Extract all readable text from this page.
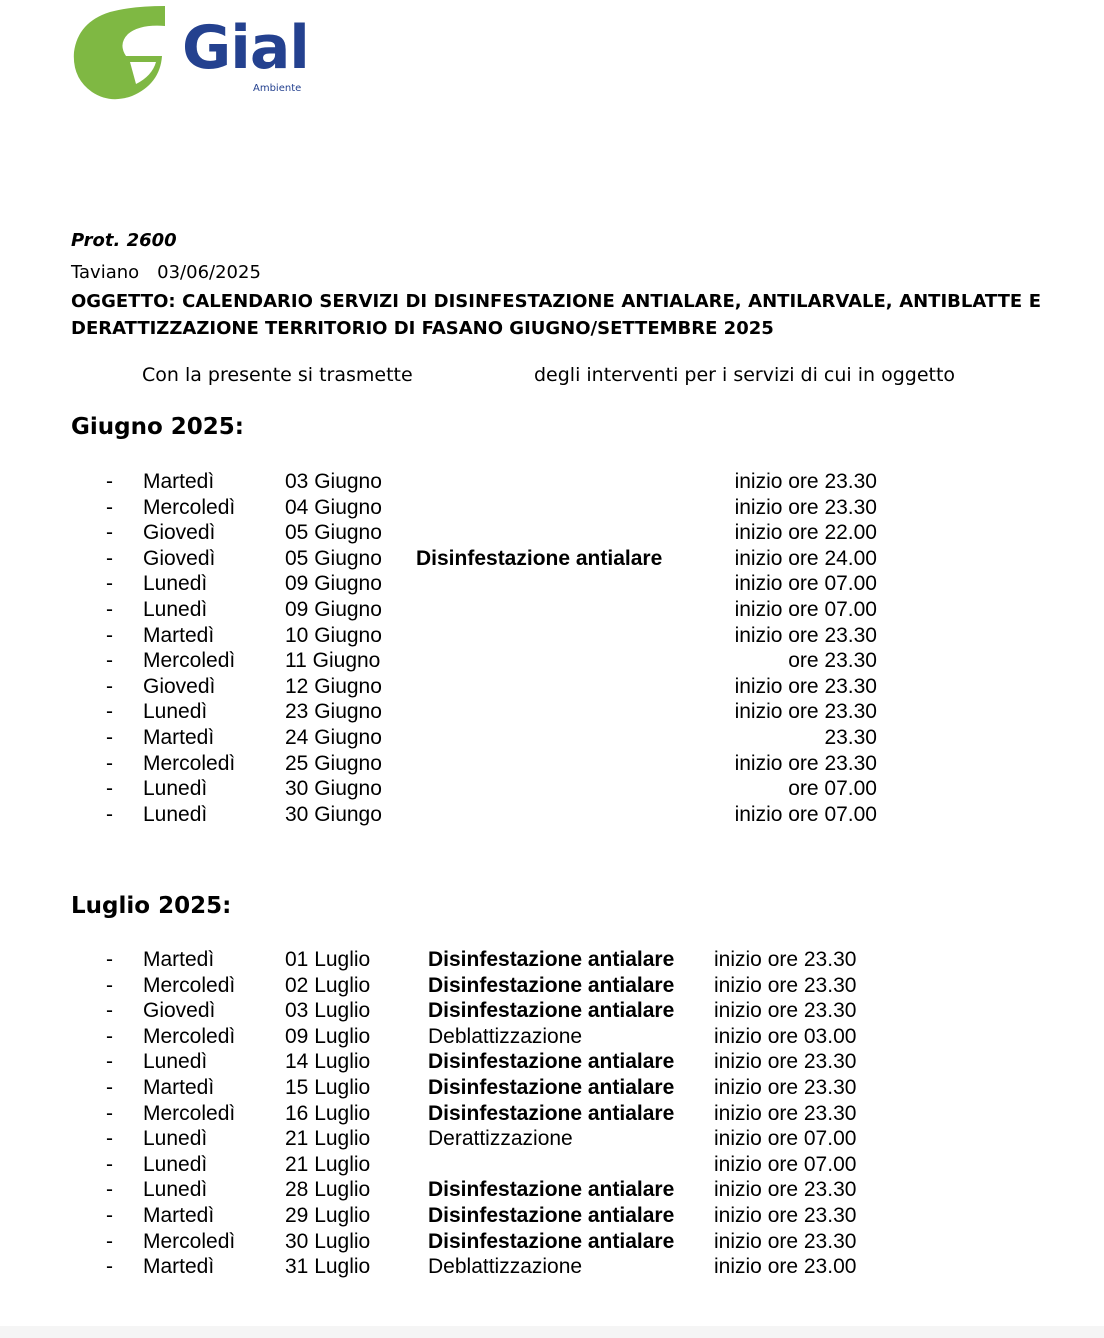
Gial
Ambiente
Prot. 2600
Taviano 03/06/2025
OGGETTO: CALENDARIO SERVIZI DI DISINFESTAZIONE ANTIALARE, ANTILARVALE, ANTIBLATTE E
DERATTIZZAZIONE TERRITORIO DI FASANO GIUGNO/SETTEMBRE 2025
Con la presente si trasmette	degli interventi per i servizi di cui in oggetto
Giugno 2025:
- Martedì	03 Giugno	inizio ore 23.30
- Mercoledì 04 Giugno	inizio ore 23.30
- Giovedì	05 Giugno	inizio ore 22.00
- Giovedì	05 Giugno Disinfestazione antialare	inizio ore 24.00
- Lunedì	09 Giugno	inizio ore 07.00
- Lunedì	09 Giugno	inizio ore 07.00
- Martedì	10 Giugno	inizio ore 23.30
- Mercoledì 11 Giugno	ore 23.30
- Giovedì	12 Giugno	inizio ore 23.30
- Lunedì	23 Giugno	inizio ore 23.30
- Martedì	24 Giugno	23.30
- Mercoledì 25 Giugno	inizio ore 23.30
- Lunedì	30 Giugno	ore 07.00
- Lunedì	30 Giungo	inizio ore 07.00
Luglio 2025:
- Martedì	01 Luglio	Disinfestazione antialare inizio ore 23.30
- Mercoledì 02 Luglio	Disinfestazione antialare inizio ore 23.30
- Giovedì	03 Luglio	Disinfestazione antialare inizio ore 23.30
- Mercoledì 09 Luglio	Deblattizzazione	inizio ore 03.00
- Lunedì	14 Luglio	Disinfestazione antialare inizio ore 23.30
- Martedì	15 Luglio	Disinfestazione antialare inizio ore 23.30
- Mercoledì 16 Luglio	Disinfestazione antialare inizio ore 23.30
- Lunedì	21 Luglio	Derattizzazione	inizio ore 07.00
- Lunedì	21 Luglio	inizio ore 07.00
- Lunedì	28 Luglio	Disinfestazione antialare inizio ore 23.30
- Martedì	29 Luglio	Disinfestazione antialare inizio ore 23.30
- Mercoledì 30 Luglio	Disinfestazione antialare inizio ore 23.30
- Martedì	31 Luglio	Deblattizzazione	inizio ore 23.00
